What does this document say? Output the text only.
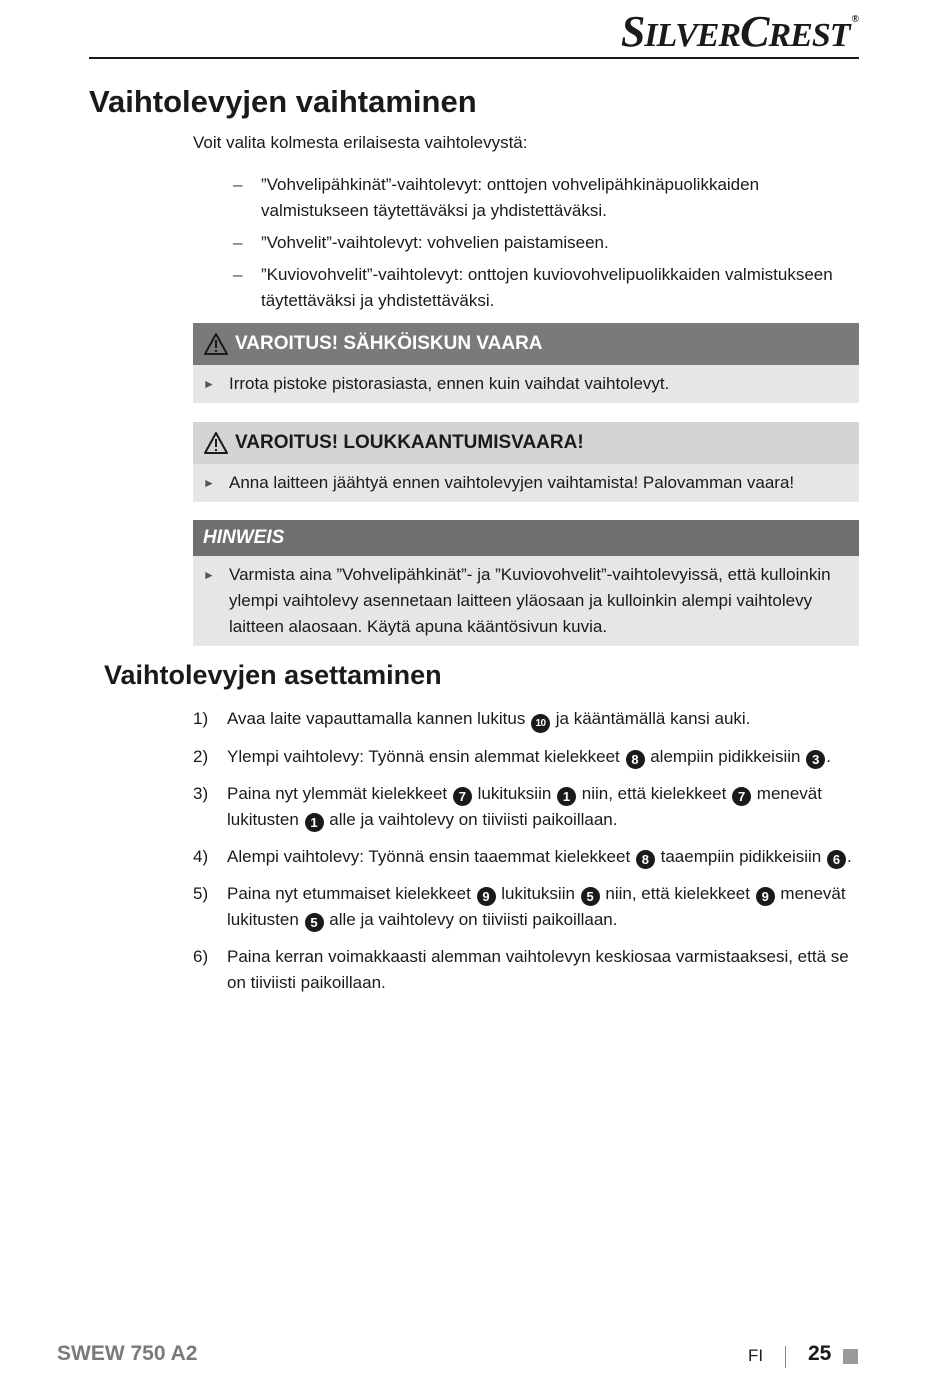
SILVERCREST ®
Vaihtolevyjen vaihtaminen
Voit valita kolmesta erilaisesta vaihtolevystä:
– ”Vohvelipähkinät”-vaihtolevyt: onttojen vohvelipähkinäpuolikkaiden valmistukseen täytettäväksi ja yhdistettäväksi.
– ”Vohvelit”-vaihtolevyt: vohvelien paistamiseen.
– ”Kuviovohvelit”-vaihtolevyt: onttojen kuviovohvelipuolikkaiden valmistukseen täytettäväksi ja yhdistettäväksi.
VAROITUS! SÄHKÖISKUN VAARA
► Irrota pistoke pistorasiasta, ennen kuin vaihdat vaihtolevyt.
VAROITUS! LOUKKAANTUMISVAARA!
► Anna laitteen jäähtyä ennen vaihtolevyjen vaihtamista! Palovamman vaara!
HINWEIS
► Varmista aina ”Vohvelipähkinät”- ja ”Kuviovohvelit”-vaihtolevyissä, että kulloinkin ylempi vaihtolevy asennetaan laitteen yläosaan ja kulloinkin alempi vaihtolevy laitteen alaosaan. Käytä apuna kääntösivun kuvia.
Vaihtolevyjen asettaminen
1) Avaa laite vapauttamalla kannen lukitus 10 ja kääntämällä kansi auki.
2) Ylempi vaihtolevy: Työnnä ensin alemmat kielekkeet 8 alempiin pidikkeisiin 3 .
3) Paina nyt ylemmät kielekkeet 7 lukituksiin 1 niin, että kielekkeet 7 menevät lukitusten 1 alle ja vaihtolevy on tiiviisti paikoillaan.
4) Alempi vaihtolevy: Työnnä ensin taaemmat kielekkeet 8 taaempiin pidikkeisiin 6 .
5) Paina nyt etummaiset kielekkeet 9 lukituksiin 5 niin, että kielekkeet 9 menevät lukitusten 5 alle ja vaihtolevy on tiiviisti paikoillaan.
6) Paina kerran voimakkaasti alemman vaihtolevyn keskiosaa varmistaaksesi, että se on tiiviisti paikoillaan.
SWEW 750 A2	FI 25
